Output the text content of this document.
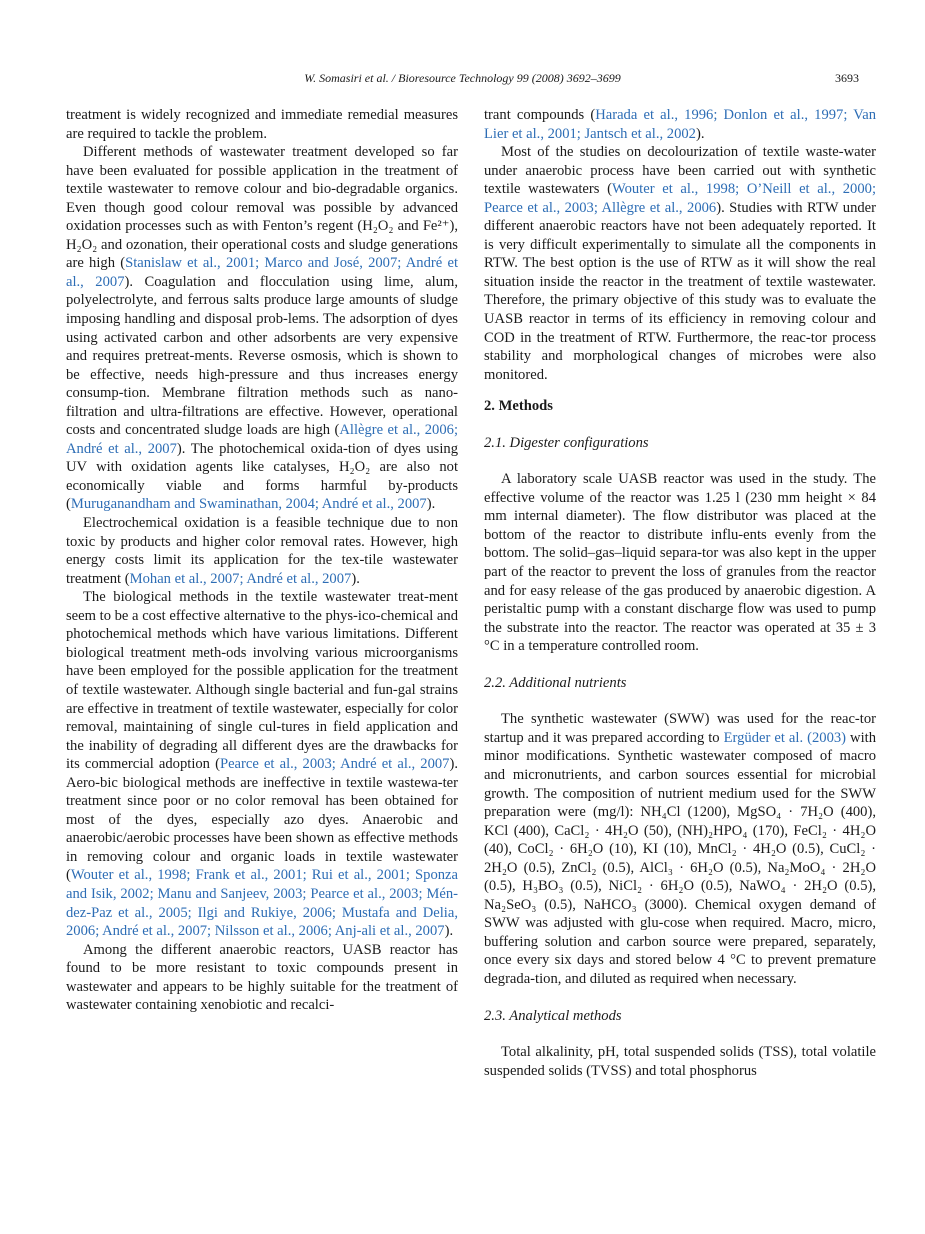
W. Somasiri et al. / Bioresource Technology 99 (2008) 3692–3699	3693

treatment is widely recognized and immediate remedial measures are required to tackle the problem.

Different methods of wastewater treatment developed so far have been evaluated for possible application in the treatment of textile wastewater to remove colour and bio-degradable organics. Even though good colour removal was possible by advanced oxidation processes such as with Fenton’s regent (H₂O₂ and Fe²⁺), H₂O₂ and ozonation, their operational costs and sludge generations are high (Stanislaw et al., 2001; Marco and José, 2007; André et al., 2007). Coagulation and flocculation using lime, alum, polyelectrolyte, and ferrous salts produce large amounts of sludge imposing handling and disposal prob-lems. The adsorption of dyes using activated carbon and other adsorbents are very expensive and requires pretreat-ments. Reverse osmosis, which is shown to be effective, needs high-pressure and thus increases energy consump-tion. Membrane filtration methods such as nano-filtration and ultra-filtrations are effective. However, operational costs and concentrated sludge loads are high (Allègre et al., 2006; André et al., 2007). The photochemical oxida-tion of dyes using UV with oxidation agents like catalyses, H₂O₂ are also not economically viable and forms harmful by-products (Muruganandham and Swaminathan, 2004; André et al., 2007).

Electrochemical oxidation is a feasible technique due to non toxic by products and higher color removal rates. However, high energy costs limit its application for the tex-tile wastewater treatment (Mohan et al., 2007; André et al., 2007).

The biological methods in the textile wastewater treat-ment seem to be a cost effective alternative to the phys-ico-chemical and photochemical methods which have various limitations. Different biological treatment meth-ods involving various microorganisms have been employed for the possible application for the treatment of textile wastewater. Although single bacterial and fun-gal strains are effective in treatment of textile wastewater, especially for color removal, maintaining of single cul-tures in field application and the inability of degrading all different dyes are the drawbacks for its commercial adoption (Pearce et al., 2003; André et al., 2007). Aero-bic biological methods are ineffective in textile wastewa-ter treatment since poor or no color removal has been obtained for most of the dyes, especially azo dyes. Anaerobic and anaerobic/aerobic processes have been shown as effective methods in removing colour and organic loads in textile wastewater (Wouter et al., 1998; Frank et al., 2001; Rui et al., 2001; Sponza and Isik, 2002; Manu and Sanjeev, 2003; Pearce et al., 2003; Mén-dez-Paz et al., 2005; Ilgi and Rukiye, 2006; Mustafa and Delia, 2006; André et al., 2007; Nilsson et al., 2006; Anj-ali et al., 2007).

Among the different anaerobic reactors, UASB reactor has found to be more resistant to toxic compounds present in wastewater and appears to be highly suitable for the treatment of wastewater containing xenobiotic and recalci-

trant compounds (Harada et al., 1996; Donlon et al., 1997; Van Lier et al., 2001; Jantsch et al., 2002).

Most of the studies on decolourization of textile waste-water under anaerobic process have been carried out with synthetic textile wastewaters (Wouter et al., 1998; O’Neill et al., 2000; Pearce et al., 2003; Allègre et al., 2006). Studies with RTW under different anaerobic reactors have not been adequately reported. It is very difficult experimentally to simulate all the components in RTW. The best option is the use of RTW as it will show the real situation inside the reactor in the treatment of textile wastewater. Therefore, the primary objective of this study was to evaluate the UASB reactor in terms of its efficiency in removing colour and COD in the treatment of RTW. Furthermore, the reac-tor process stability and morphological changes of microbes were also monitored.

2. Methods

2.1. Digester configurations

A laboratory scale UASB reactor was used in the study. The effective volume of the reactor was 1.25 l (230 mm height × 84 mm internal diameter). The flow distributor was placed at the bottom of the reactor to distribute influ-ents evenly from the bottom. The solid–gas–liquid separa-tor was also kept in the upper part of the reactor to prevent the loss of granules from the reactor and for easy release of the gas produced by anaerobic digestion. A peristaltic pump with a constant discharge flow was used to pump the substrate into the reactor. The reactor was operated at 35 ± 3 °C in a temperature controlled room.

2.2. Additional nutrients

The synthetic wastewater (SWW) was used for the reac-tor startup and it was prepared according to Ergüder et al. (2003) with minor modifications. Synthetic wastewater composed of macro and micronutrients, and carbon sources essential for microbial growth. The composition of nutrient medium used for the SWW preparation were (mg/l): NH₄Cl (1200), MgSO₄ · 7H₂O (400), KCl (400), CaCl₂ · 4H₂O (50), (NH)₂HPO₄ (170), FeCl₂ · 4H₂O (40), CoCl₂ · 6H₂O (10), KI (10), MnCl₂ · 4H₂O (0.5), CuCl₂ · 2H₂O (0.5), ZnCl₂ (0.5), AlCl₃ · 6H₂O (0.5), Na₂MoO₄ · 2H₂O (0.5), H₃BO₃ (0.5), NiCl₂ · 6H₂O (0.5), NaWO₄ · 2H₂O (0.5), Na₂SeO₃ (0.5), NaHCO₃ (3000). Chemical oxygen demand of SWW was adjusted with glu-cose when required. Macro, micro, buffering solution and carbon source were prepared, separately, once every six days and stored below 4 °C to prevent premature degrada-tion, and diluted as required when necessary.

2.3. Analytical methods

Total alkalinity, pH, total suspended solids (TSS), total volatile suspended solids (TVSS) and total phosphorus
